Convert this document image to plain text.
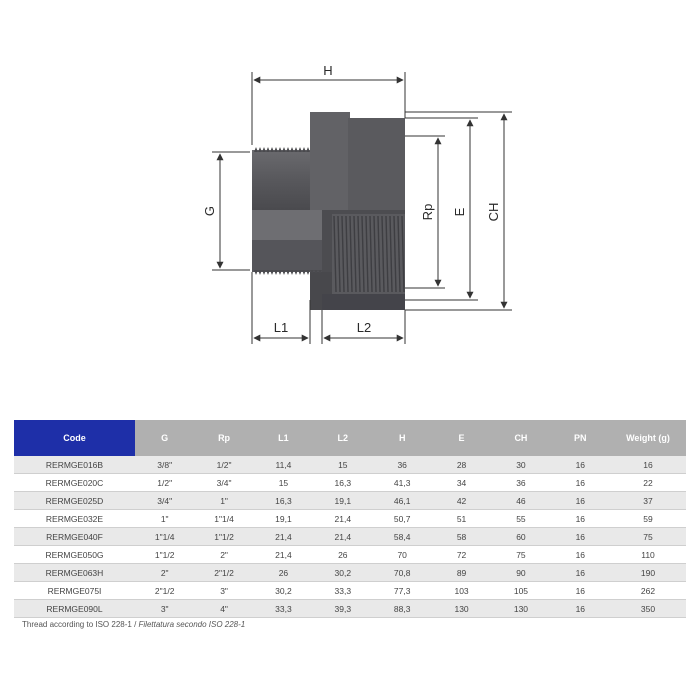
H
G	Rp E CH
L1	L2
Code	G	Rp	L1	L2	H	E	CH	PN	Weight (g)
RERMGE016B	3/8"	1/2"	11,4	15	36	28	30	16	16
RERMGE020C	1/2"	3/4"	15	16,3	41,3	34	36	16	22
RERMGE025D	3/4"	1"	16,3	19,1	46,1	42	46	16	37
RERMGE032E	1"	1"1/4	19,1	21,4	50,7	51	55	16	59
RERMGE040F	1"1/4	1"1/2	21,4	21,4	58,4	58	60	16	75
RERMGE050G	1"1/2	2"	21,4	26	70	72	75	16	110
RERMGE063H	2"	2"1/2	26	30,2	70,8	89	90	16	190
RERMGE075I	2"1/2	3"	30,2	33,3	77,3	103	105	16	262
RERMGE090L	3"	4"	33,3	39,3	88,3	130	130	16	350
Thread according to ISO 228-1 / Filettatura secondo ISO 228-1
